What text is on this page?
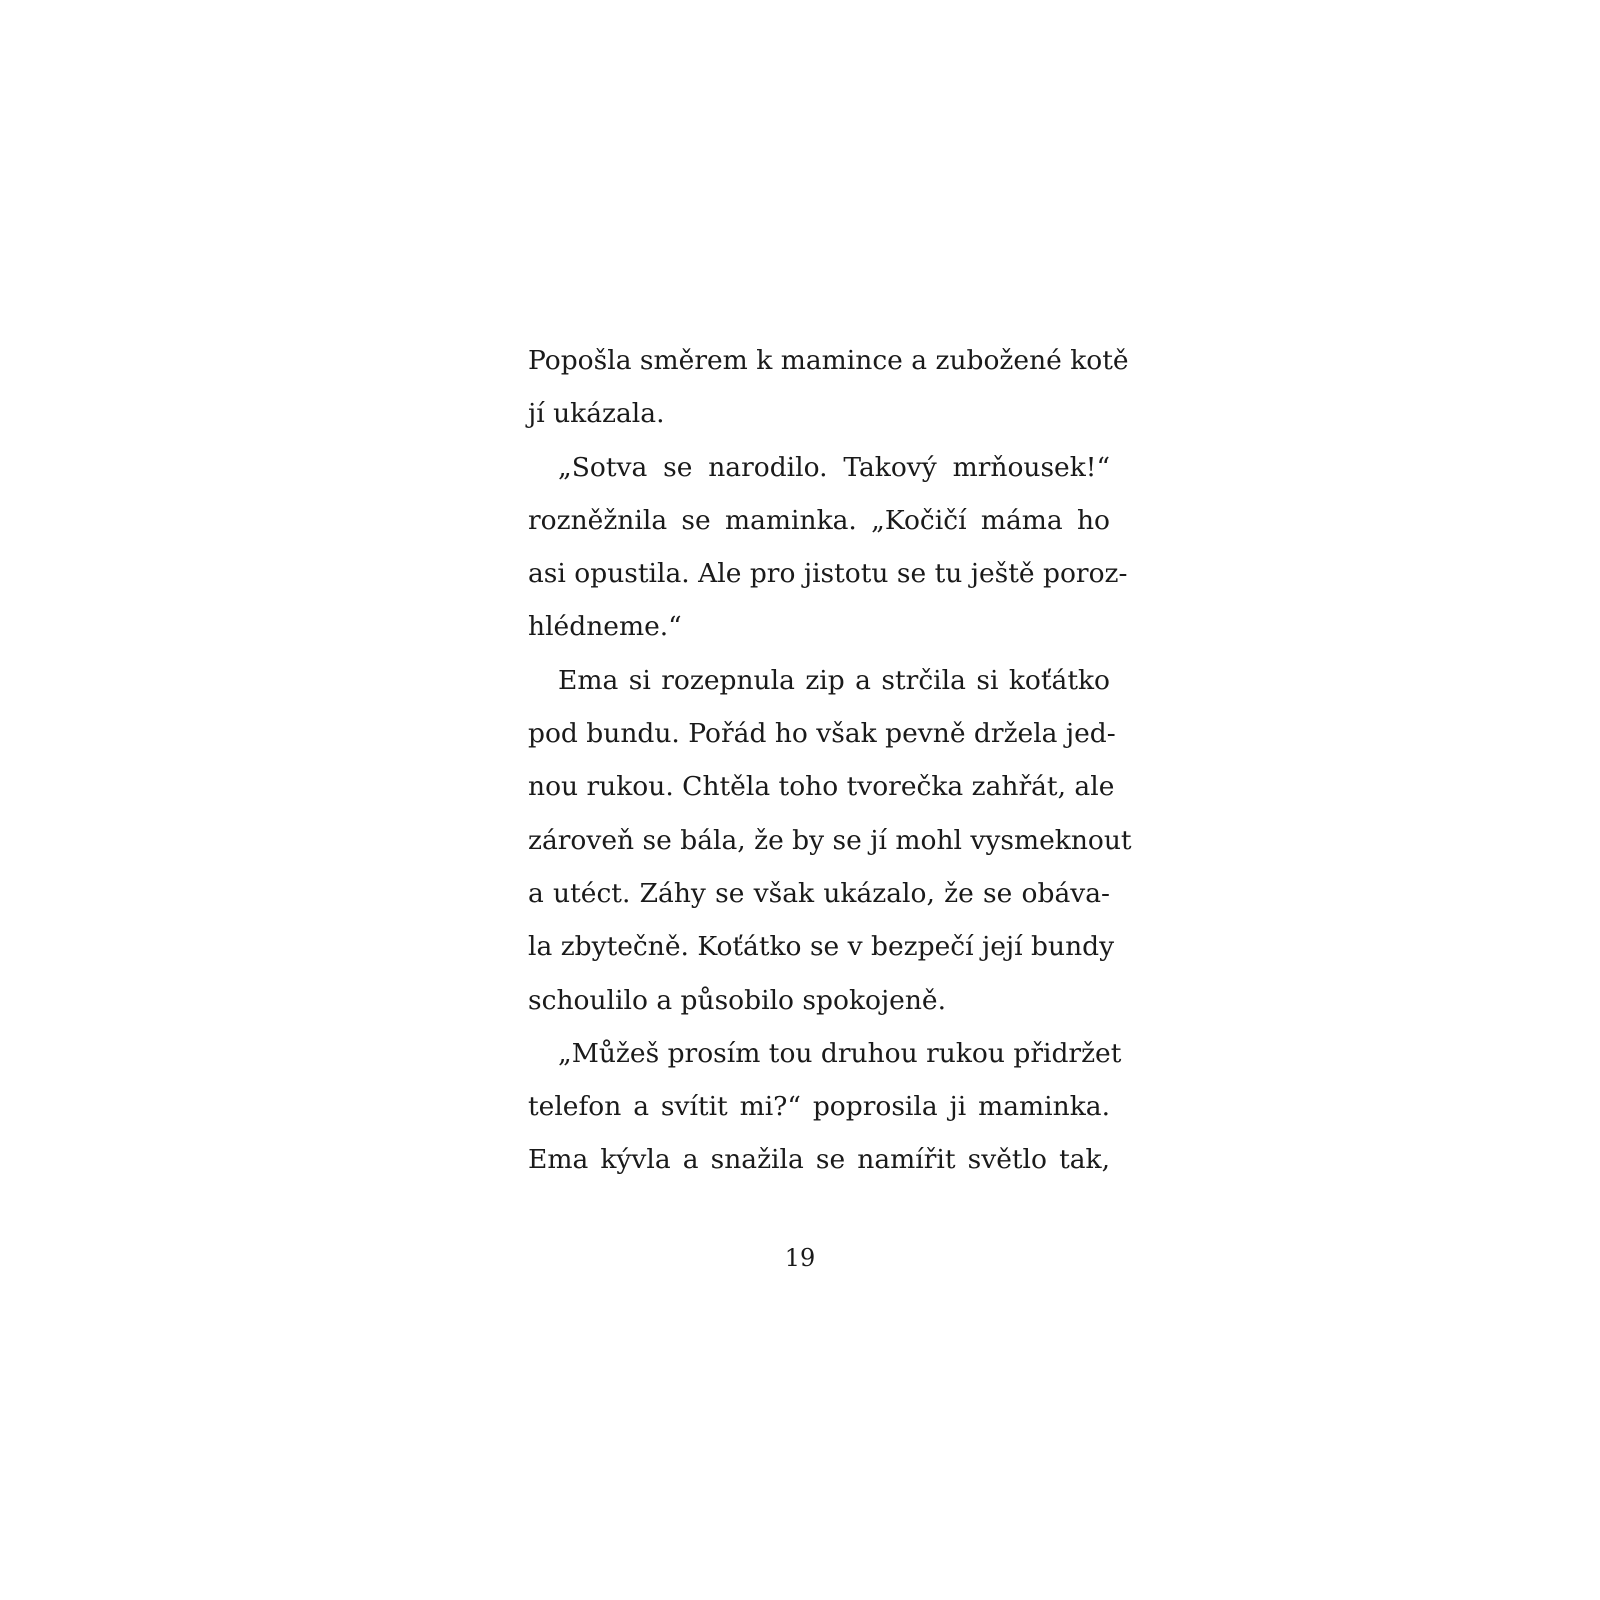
Popošla směrem k mamince a zubožené kotě
jí ukázala.
„Sotva se narodilo. Takový mrňousek!“
rozněžnila se maminka. „Kočičí máma ho
asi opustila. Ale pro jistotu se tu ještě poroz-
hlédneme.“
Ema si rozepnula zip a strčila si koťátko
pod bundu. Pořád ho však pevně držela jed-
nou rukou. Chtěla toho tvorečka zahřát, ale
zároveň se bála, že by se jí mohl vysmeknout
a utéct. Záhy se však ukázalo, že se obáva-
la zbytečně. Koťátko se v bezpečí její bundy
schoulilo a působilo spokojeně.
„Můžeš prosím tou druhou rukou přidržet
telefon a svítit mi?“ poprosila ji maminka.
Ema kývla a snažila se namířit světlo tak,
19
